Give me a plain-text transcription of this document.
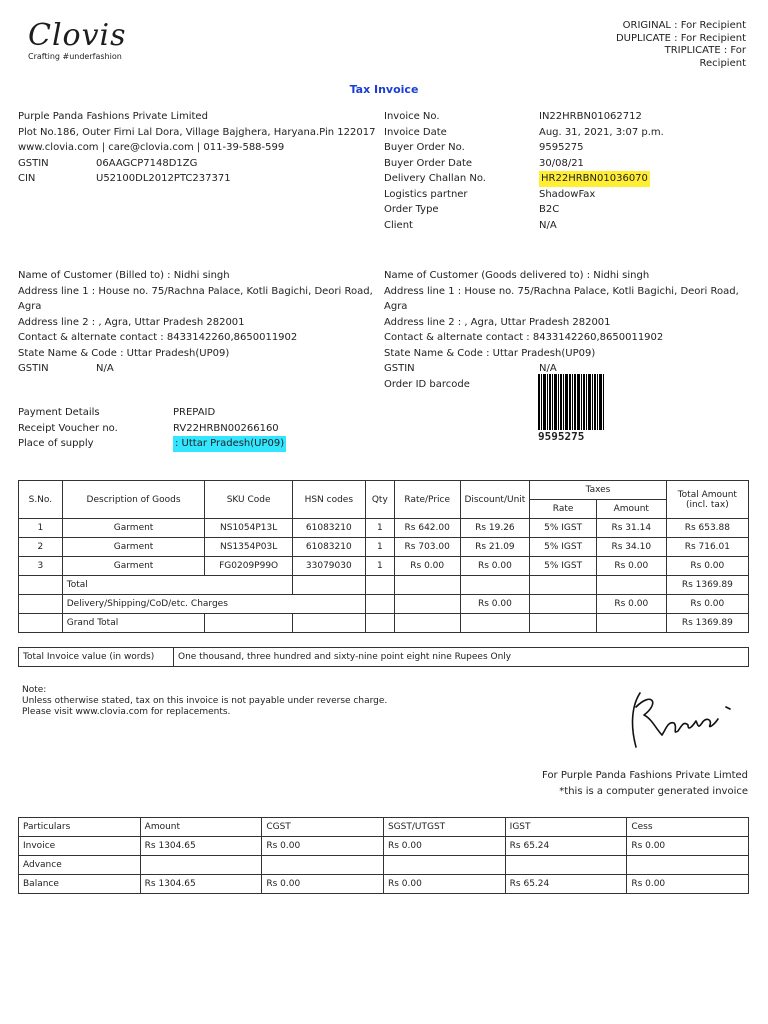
Clovis
Crafting #underfashion
ORIGINAL : For Recipient
DUPLICATE : For Recipient
TRIPLICATE : For
Recipient
Tax Invoice
Purple Panda Fashions Private Limited
Plot No.186, Outer Firni Lal Dora, Village Bajghera, Haryana.Pin 122017
www.clovia.com | care@clovia.com | 011-39-588-599
GSTIN	06AAGCP7148D1ZG
CIN	U52100DL2012PTC237371
Invoice No.	IN22HRBN01062712
Invoice Date	Aug. 31, 2021, 3:07 p.m.
Buyer Order No.	9595275
Buyer Order Date	30/08/21
Delivery Challan No.	HR22HRBN01036070
Logistics partner	ShadowFax
Order Type	B2C
Client	N/A
Name of Customer (Billed to) : Nidhi singh
Address line 1 : House no. 75/Rachna Palace, Kotli Bagichi, Deori Road,
Agra
Address line 2 : , Agra, Uttar Pradesh 282001
Contact & alternate contact : 8433142260,8650011902
State Name & Code : Uttar Pradesh(UP09)
GSTIN	N/A
Name of Customer (Goods delivered to) : Nidhi singh
Address line 1 : House no. 75/Rachna Palace, Kotli Bagichi, Deori Road,
Agra
Address line 2 : , Agra, Uttar Pradesh 282001
Contact & alternate contact : 8433142260,8650011902
State Name & Code : Uttar Pradesh(UP09)
GSTIN	N/A
Order ID barcode
9595275
Payment Details	PREPAID
Receipt Voucher no.	RV22HRBN00266160
Place of supply	: Uttar Pradesh(UP09)
S.No.	Description of Goods	SKU Code	HSN codes	Qty	Rate/Price	Discount/Unit	Taxes		Total Amount
(incl. tax)
							Rate	Amount	
1	Garment	NS1054P13L	61083210	1	Rs 642.00	Rs 19.26	5% IGST	Rs 31.14	Rs 653.88
2	Garment	NS1354P03L	61083210	1	Rs 703.00	Rs 21.09	5% IGST	Rs 34.10	Rs 716.01
3	Garment	FG0209P99O	33079030	1	Rs 0.00	Rs 0.00	5% IGST	Rs 0.00	Rs 0.00
	Total								Rs 1369.89
	Delivery/Shipping/CoD/etc. Charges					Rs 0.00		Rs 0.00	Rs 0.00
	Grand Total								Rs 1369.89
Total Invoice value (in words)	One thousand, three hundred and sixty-nine point eight nine Rupees Only
Note:
Unless otherwise stated, tax on this invoice is not payable under reverse charge.
Please visit www.clovia.com for replacements.
For Purple Panda Fashions Private Limted
*this is a computer generated invoice
Particulars	Amount	CGST	SGST/UTGST	IGST	Cess
Invoice	Rs 1304.65	Rs 0.00	Rs 0.00	Rs 65.24	Rs 0.00
Advance					
Balance	Rs 1304.65	Rs 0.00	Rs 0.00	Rs 65.24	Rs 0.00
